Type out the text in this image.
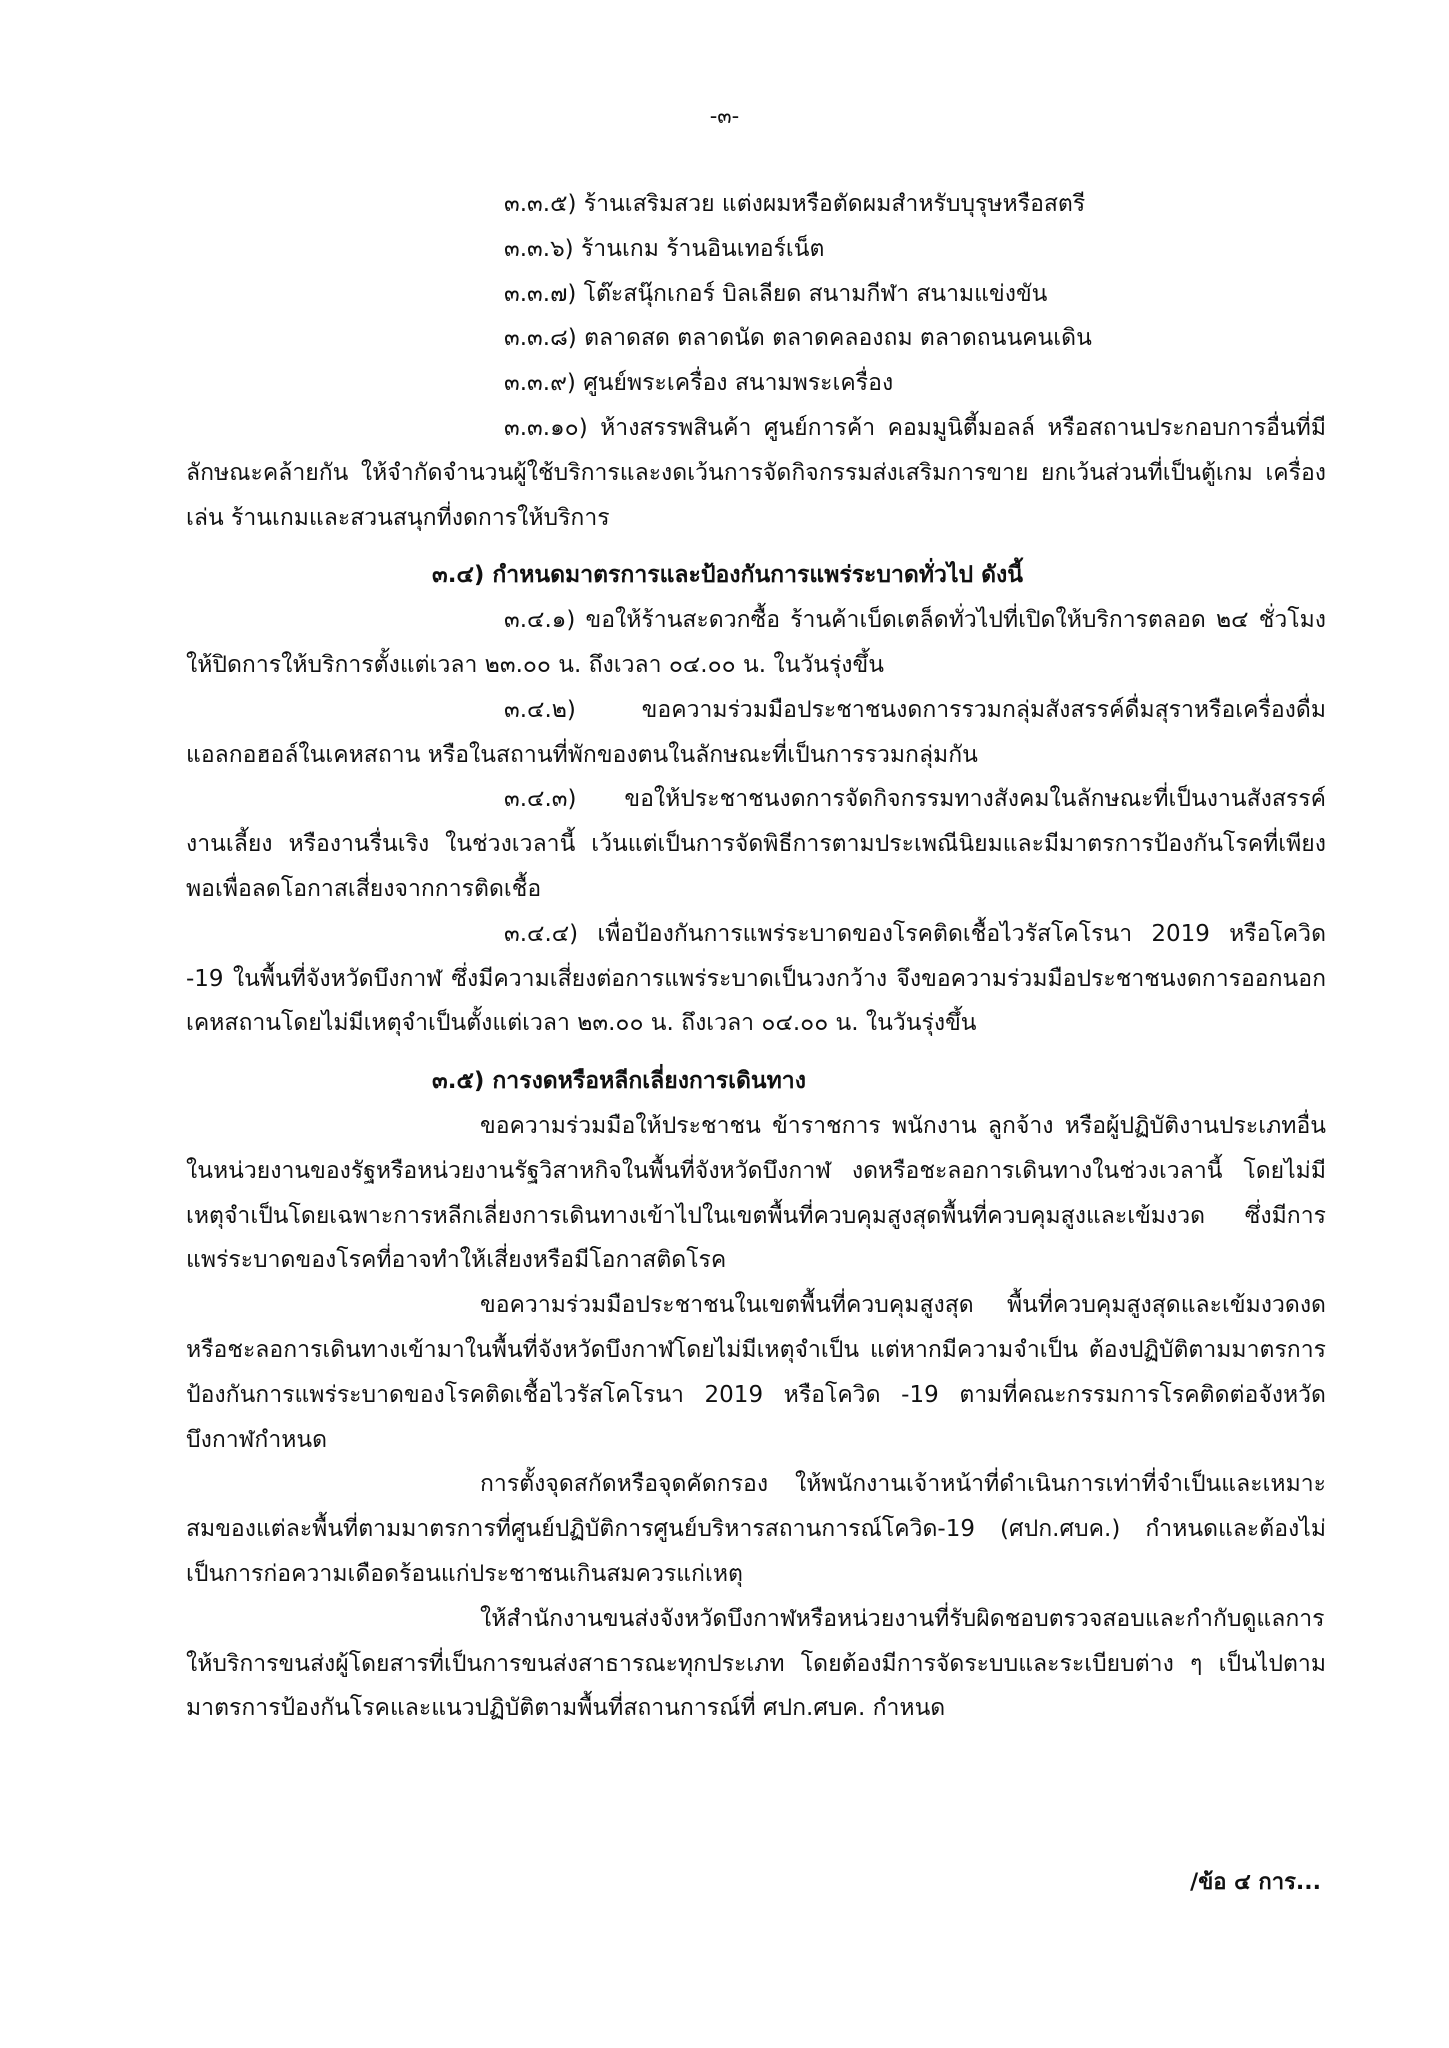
-๓-

๓.๓.๕) ร้านเสริมสวย แต่งผมหรือตัดผมสำหรับบุรุษหรือสตรี

๓.๓.๖) ร้านเกม ร้านอินเทอร์เน็ต

๓.๓.๗) โต๊ะสนุ๊กเกอร์ บิลเลียด สนามกีฬา สนามแข่งขัน

๓.๓.๘) ตลาดสด ตลาดนัด ตลาดคลองถม ตลาดถนนคนเดิน

๓.๓.๙) ศูนย์พระเครื่อง สนามพระเครื่อง

๓.๓.๑๐) ห้างสรรพสินค้า ศูนย์การค้า คอมมูนิตี้มอลล์ หรือสถานประกอบการอื่นที่มีลักษณะคล้ายกัน ให้จำกัดจำนวนผู้ใช้บริการและงดเว้นการจัดกิจกรรมส่งเสริมการขาย ยกเว้นส่วนที่เป็นตู้เกม เครื่องเล่น ร้านเกมและสวนสนุกที่งดการให้บริการ

๓.๔) กำหนดมาตรการและป้องกันการแพร่ระบาดทั่วไป ดังนี้

๓.๔.๑) ขอให้ร้านสะดวกซื้อ ร้านค้าเบ็ดเตล็ดทั่วไปที่เปิดให้บริการตลอด ๒๔ ชั่วโมงให้ปิดการให้บริการตั้งแต่เวลา ๒๓.๐๐ น. ถึงเวลา ๐๔.๐๐ น. ในวันรุ่งขึ้น

๓.๔.๒) ขอความร่วมมือประชาชนงดการรวมกลุ่มสังสรรค์ดื่มสุราหรือเครื่องดื่มแอลกอฮอล์ในเคหสถาน หรือในสถานที่พักของตนในลักษณะที่เป็นการรวมกลุ่มกัน

๓.๔.๓) ขอให้ประชาชนงดการจัดกิจกรรมทางสังคมในลักษณะที่เป็นงานสังสรรค์ งานเลี้ยง หรืองานรื่นเริง ในช่วงเวลานี้ เว้นแต่เป็นการจัดพิธีการตามประเพณีนิยมและมีมาตรการป้องกันโรคที่เพียงพอเพื่อลดโอกาสเสี่ยงจากการติดเชื้อ

๓.๔.๔) เพื่อป้องกันการแพร่ระบาดของโรคติดเชื้อไวรัสโคโรนา 2019 หรือโควิด -19 ในพื้นที่จังหวัดบึงกาฬ ซึ่งมีความเสี่ยงต่อการแพร่ระบาดเป็นวงกว้าง จึงขอความร่วมมือประชาชนงดการออกนอกเคหสถานโดยไม่มีเหตุจำเป็นตั้งแต่เวลา ๒๓.๐๐ น. ถึงเวลา ๐๔.๐๐ น. ในวันรุ่งขึ้น

๓.๕) การงดหรือหลีกเลี่ยงการเดินทาง

ขอความร่วมมือให้ประชาชน ข้าราชการ พนักงาน ลูกจ้าง หรือผู้ปฏิบัติงานประเภทอื่นในหน่วยงานของรัฐหรือหน่วยงานรัฐวิสาหกิจในพื้นที่จังหวัดบึงกาฬ งดหรือชะลอการเดินทางในช่วงเวลานี้ โดยไม่มีเหตุจำเป็นโดยเฉพาะการหลีกเลี่ยงการเดินทางเข้าไปในเขตพื้นที่ควบคุมสูงสุดพื้นที่ควบคุมสูงและเข้มงวด ซึ่งมีการแพร่ระบาดของโรคที่อาจทำให้เสี่ยงหรือมีโอกาสติดโรค

ขอความร่วมมือประชาชนในเขตพื้นที่ควบคุมสูงสุด พื้นที่ควบคุมสูงสุดและเข้มงวดงดหรือชะลอการเดินทางเข้ามาในพื้นที่จังหวัดบึงกาฬโดยไม่มีเหตุจำเป็น แต่หากมีความจำเป็น ต้องปฏิบัติตามมาตรการป้องกันการแพร่ระบาดของโรคติดเชื้อไวรัสโคโรนา 2019 หรือโควิด -19 ตามที่คณะกรรมการโรคติดต่อจังหวัดบึงกาฬกำหนด

การตั้งจุดสกัดหรือจุดคัดกรอง ให้พนักงานเจ้าหน้าที่ดำเนินการเท่าที่จำเป็นและเหมาะสมของแต่ละพื้นที่ตามมาตรการที่ศูนย์ปฏิบัติการศูนย์บริหารสถานการณ์โควิด-19 (ศปก.ศบค.) กำหนดและต้องไม่เป็นการก่อความเดือดร้อนแก่ประชาชนเกินสมควรแก่เหตุ

ให้สำนักงานขนส่งจังหวัดบึงกาฬหรือหน่วยงานที่รับผิดชอบตรวจสอบและกำกับดูแลการให้บริการขนส่งผู้โดยสารที่เป็นการขนส่งสาธารณะทุกประเภท โดยต้องมีการจัดระบบและระเบียบต่าง ๆ เป็นไปตามมาตรการป้องกันโรคและแนวปฏิบัติตามพื้นที่สถานการณ์ที่ ศปก.ศบค. กำหนด

/ข้อ ๔ การ...
